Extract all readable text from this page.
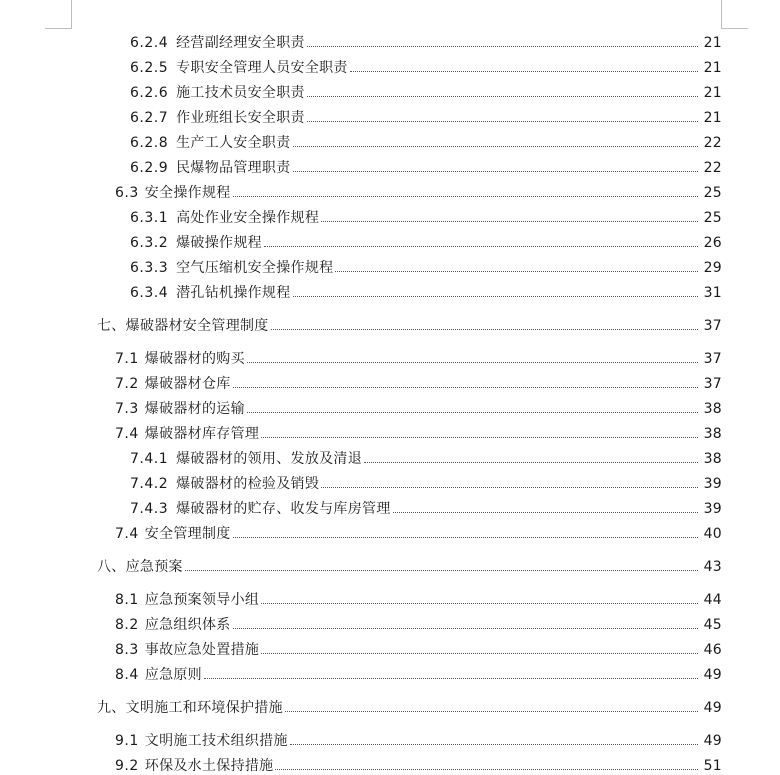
6.2.4 经营副经理安全职责	21
6.2.5 专职安全管理人员安全职责	21
6.2.6 施工技术员安全职责	21
6.2.7 作业班组长安全职责	21
6.2.8 生产工人安全职责	22
6.2.9 民爆物品管理职责	22
6.3 安全操作规程	25
6.3.1 高处作业安全操作规程	25
6.3.2 爆破操作规程	26
6.3.3 空气压缩机安全操作规程	29
6.3.4 潜孔钻机操作规程	31
七、爆破器材安全管理制度	37
7.1 爆破器材的购买	37
7.2 爆破器材仓库	37
7.3 爆破器材的运输	38
7.4 爆破器材库存管理	38
7.4.1 爆破器材的领用、发放及清退	38
7.4.2 爆破器材的检验及销毁	39
7.4.3 爆破器材的贮存、收发与库房管理	39
7.4 安全管理制度	40
八、应急预案	43
8.1 应急预案领导小组	44
8.2 应急组织体系	45
8.3 事故应急处置措施	46
8.4 应急原则	49
九、文明施工和环境保护措施	49
9.1 文明施工技术组织措施	49
9.2 环保及水土保持措施	51
